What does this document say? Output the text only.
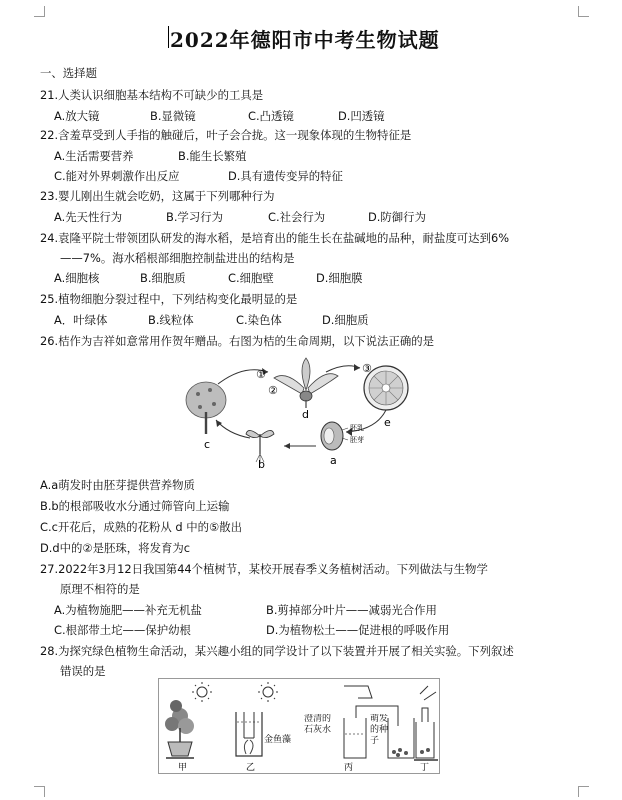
2022年德阳市中考生物试题
一、选择题
21.人类认识细胞基本结构不可缺少的工具是
A.放大镜	B.显微镜	C.凸透镜	D.凹透镜
22.含羞草受到人手指的触碰后，叶子会合拢。这一现象体现的生物特征是
A.生活需要营养	B.能生长繁殖
C.能对外界刺激作出反应	D.具有遗传变异的特征
23.婴儿刚出生就会吃奶，这属于下列哪种行为
A.先天性行为	B.学习行为	C.社会行为	D.防御行为
24.袁隆平院士带领团队研发的海水稻，是培育出的能生长在盐碱地的品种，耐盐度可达到6%
——7%。海水稻根部细胞控制盐进出的结构是
A.细胞核	B.细胞质	C.细胞壁	D.细胞膜
25.植物细胞分裂过程中，下列结构变化最明显的是
A．叶绿体	B.线粒体	C.染色体	D.细胞质
26.桔作为吉祥如意常用作贺年赠品。右图为桔的生命周期，以下说法正确的是
①
②
③
c
d
e
a
b
胚乳
胚芽
A.a萌发时由胚芽提供营养物质
B.b的根部吸收水分通过筛管向上运输
C.c开花后，成熟的花粉从 d 中的⑤散出
D.d中的②是胚珠，将发育为c
27.2022年3月12日我国第44个植树节，某校开展春季义务植树活动。下列做法与生物学
原理不相符的是
A.为植物施肥——补充无机盐	B.剪掉部分叶片——减弱光合作用
C.根部带土坨——保护幼根	D.为植物松土——促进根的呼吸作用
28.为探究绿色植物生命活动，某兴趣小组的同学设计了以下装置并开展了相关实验。下列叙述
错误的是
金鱼藻
澄清的石灰水
萌发的种子
甲	乙	丙	丁
